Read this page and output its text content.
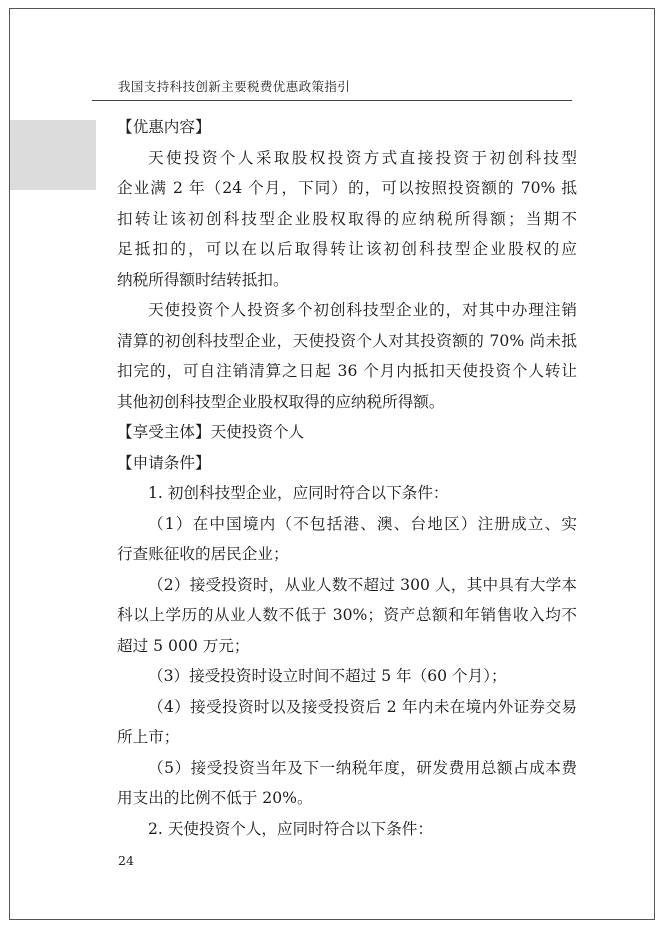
我国支持科技创新主要税费优惠政策指引
【优惠内容】
天使投资个人采取股权投资方式直接投资于初创科技型
企业满 2 年（24 个月，下同）的，可以按照投资额的 70% 抵
扣转让该初创科技型企业股权取得的应纳税所得额；当期不
足抵扣的，可以在以后取得转让该初创科技型企业股权的应
纳税所得额时结转抵扣。
天使投资个人投资多个初创科技型企业的，对其中办理注销
清算的初创科技型企业，天使投资个人对其投资额的 70% 尚未抵
扣完的，可自注销清算之日起 36 个月内抵扣天使投资个人转让
其他初创科技型企业股权取得的应纳税所得额。
【享受主体】天使投资个人
【申请条件】
1. 初创科技型企业，应同时符合以下条件：
（1）在中国境内（不包括港、澳、台地区）注册成立、实
行查账征收的居民企业；
（2）接受投资时，从业人数不超过 300 人，其中具有大学本
科以上学历的从业人数不低于 30%；资产总额和年销售收入均不
超过 5 000 万元；
（3）接受投资时设立时间不超过 5 年（60 个月）；
（4）接受投资时以及接受投资后 2 年内未在境内外证券交易
所上市；
（5）接受投资当年及下一纳税年度，研发费用总额占成本费
用支出的比例不低于 20%。
2. 天使投资个人，应同时符合以下条件：
24
